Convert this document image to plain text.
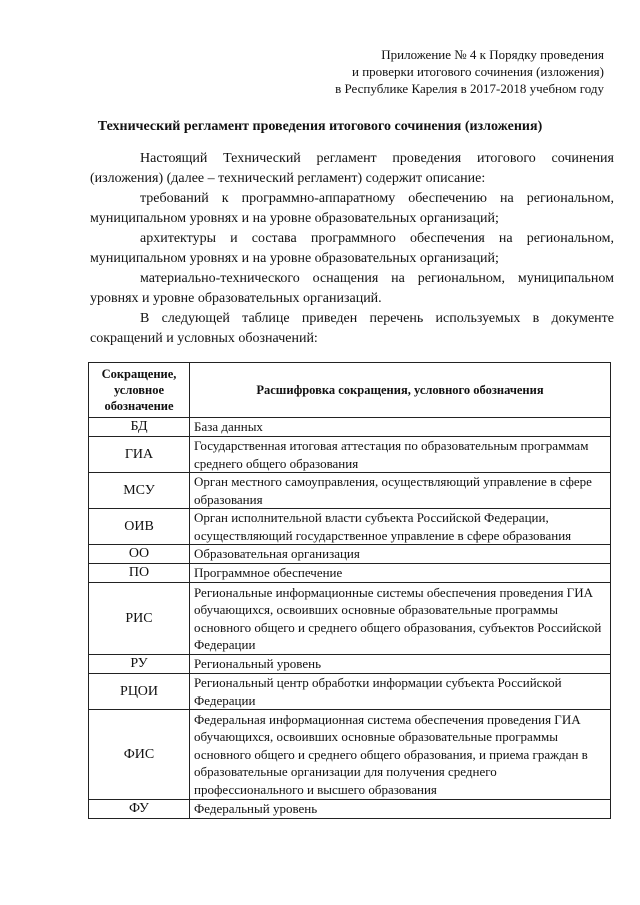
Приложение № 4 к Порядку проведения
и проверки итогового сочинения (изложения)
в Республике Карелия в 2017-2018 учебном году
Технический регламент проведения итогового сочинения (изложения)

Настоящий Технический регламент проведения итогового сочинения (изложения) (далее – технический регламент) содержит описание:

требований к программно-аппаратному обеспечению на региональном, муниципальном уровнях и на уровне образовательных организаций;

архитектуры и состава программного обеспечения на региональном, муниципальном уровнях и на уровне образовательных организаций;

материально-технического оснащения на региональном, муниципальном уровнях и уровне образовательных организаций.

В следующей таблице приведен перечень используемых в документе сокращений и условных обозначений:

Сокращение, условное обозначение	Расшифровка сокращения, условного обозначения
БД	База данных
ГИА	Государственная итоговая аттестация по образовательным программам среднего общего образования
МСУ	Орган местного самоуправления, осуществляющий управление в сфере образования
ОИВ	Орган исполнительной власти субъекта Российской Федерации, осуществляющий государственное управление в сфере образования
ОО	Образовательная организация
ПО	Программное обеспечение
РИС	Региональные информационные системы обеспечения проведения ГИА обучающихся, освоивших основные образовательные программы основного общего и среднего общего образования, субъектов Российской Федерации
РУ	Региональный уровень
РЦОИ	Региональный центр обработки информации субъекта Российской Федерации
ФИС	Федеральная информационная система обеспечения проведения ГИА обучающихся, освоивших основные образовательные программы основного общего и среднего общего образования, и приема граждан в образовательные организации для получения среднего профессионального и высшего образования
ФУ	Федеральный уровень
